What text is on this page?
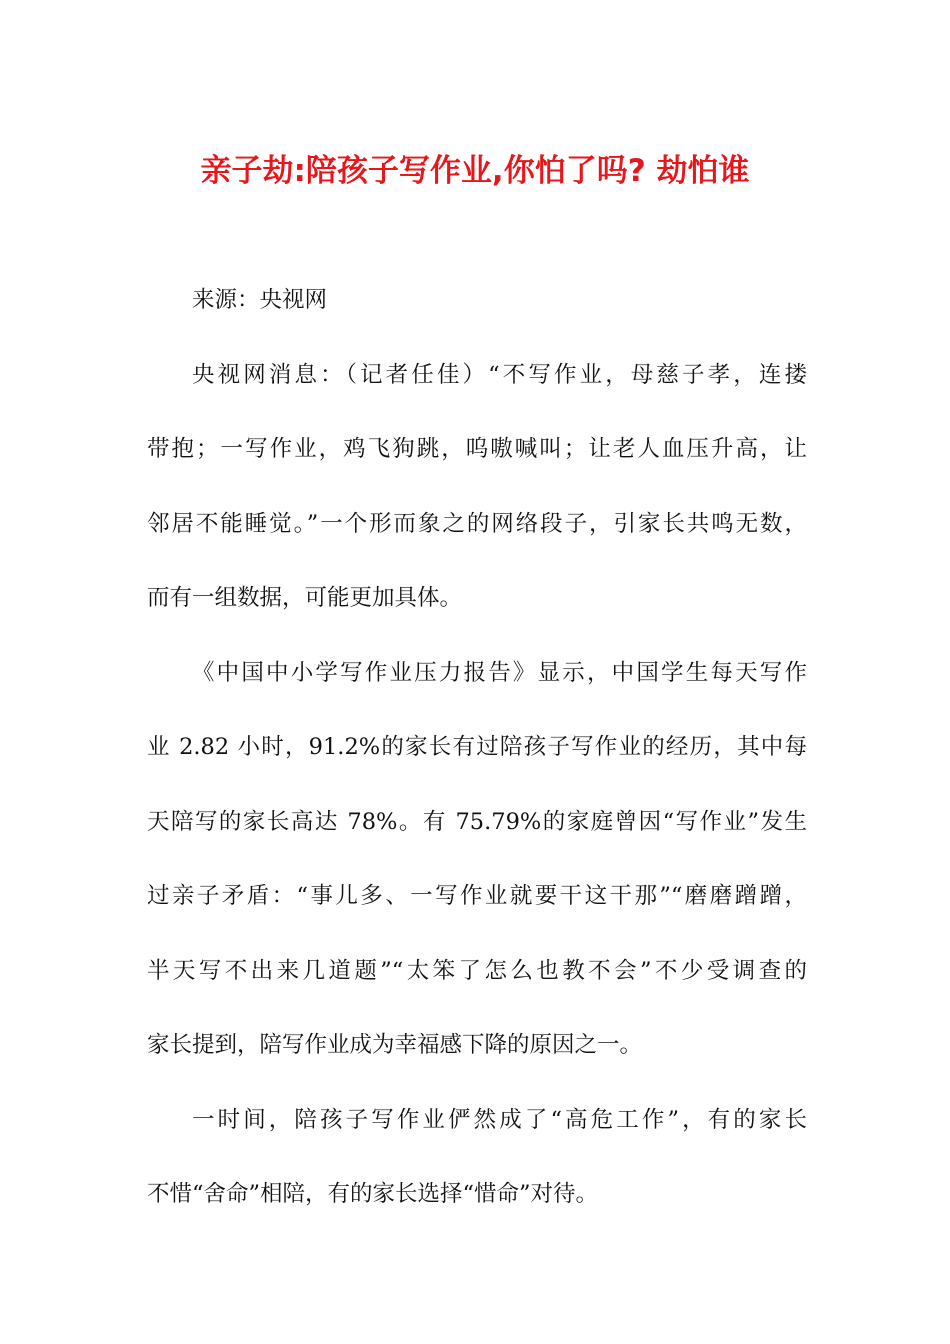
亲子劫:陪孩子写作业,你怕了吗? 劫怕谁
来源：央视网
央视网消息：（记者任佳）“不写作业，母慈子孝，连搂
带抱；一写作业，鸡飞狗跳，呜嗷喊叫；让老人血压升高，让
邻居不能睡觉。”一个形而象之的网络段子，引家长共鸣无数，
而有一组数据，可能更加具体。
《中国中小学写作业压力报告》显示，中国学生每天写作
业 2.82 小时，91.2%的家长有过陪孩子写作业的经历，其中每
天陪写的家长高达 78%。有 75.79%的家庭曾因“写作业”发生
过亲子矛盾：“事儿多、一写作业就要干这干那”“磨磨蹭蹭，
半天写不出来几道题”“太笨了怎么也教不会”不少受调查的
家长提到，陪写作业成为幸福感下降的原因之一。
一时间，陪孩子写作业俨然成了“高危工作”，有的家长
不惜“舍命”相陪，有的家长选择“惜命”对待。
